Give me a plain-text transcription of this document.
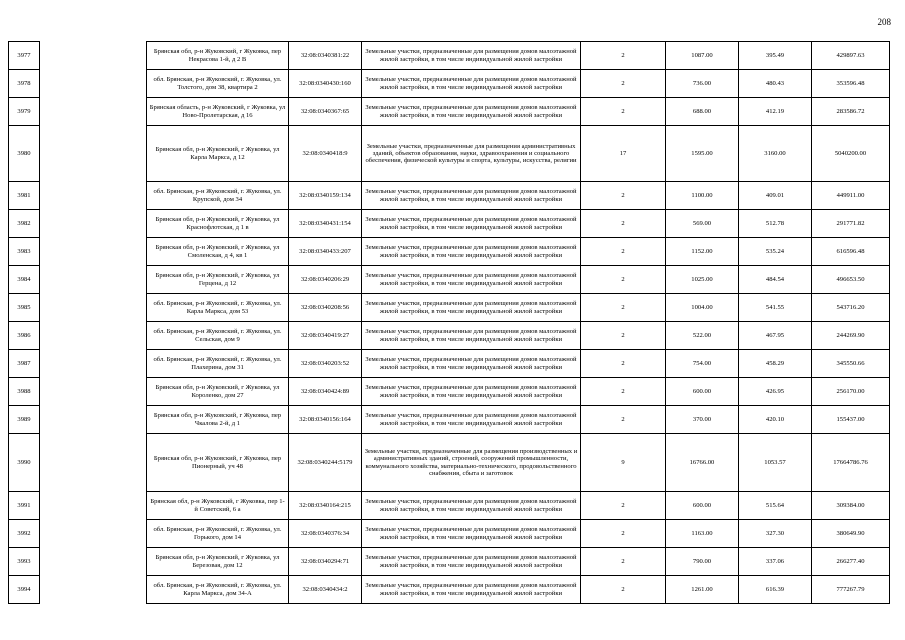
208
3977		Брянская обл, р-н Жуковский, г Жуковка, пер Некрасова 1-й, д 2 В	32:08:0340381:22	Земельные участки, предназначенные для размещения домов малоэтажной жилой застройки, в том числе индивидуальной жилой застройки	2	1087.00	395.49	429897.63
3978		обл. Брянская, р-н Жуковский, г. Жуковка, ул. Толстого, дом 38, квартира 2	32:08:0340430:160	Земельные участки, предназначенные для размещения домов малоэтажной жилой застройки, в том числе индивидуальной жилой застройки	2	736.00	480.43	353596.48
3979		Брянская область, р-н Жуковский, г Жуковка, ул Ново-Пролетарская, д 16	32:08:0340367:65	Земельные участки, предназначенные для размещения домов малоэтажной жилой застройки, в том числе индивидуальной жилой застройки	2	688.00	412.19	283586.72
3980		Брянская обл, р-н Жуковский, г Жуковка, ул Карла Маркса, д 12	32:08:0340418:9	Земельные участки, предназначенные для размещения административных зданий, объектов образования, науки, здравоохранения и социального обеспечения, физической культуры и спорта, культуры, искусства, религии	17	1595.00	3160.00	5040200.00
3981		обл. Брянская, р-н Жуковский, г. Жуковка, ул. Крупской, дом 34	32:08:0340159:134	Земельные участки, предназначенные для размещения домов малоэтажной жилой застройки, в том числе индивидуальной жилой застройки	2	1100.00	409.01	449911.00
3982		Брянская обл, р-н Жуковский, г Жуковка, ул Краснофлотская, д 1 в	32:08:0340431:154	Земельные участки, предназначенные для размещения домов малоэтажной жилой застройки, в том числе индивидуальной жилой застройки	2	569.00	512.78	291771.82
3983		Брянская обл, р-н Жуковский, г Жуковка, ул Смоленская, д 4, кв 1	32:08:0340433:207	Земельные участки, предназначенные для размещения домов малоэтажной жилой застройки, в том числе индивидуальной жилой застройки	2	1152.00	535.24	616596.48
3984		Брянская обл, р-н Жуковский, г Жуковка, ул Герцена, д 12	32:08:0340206:29	Земельные участки, предназначенные для размещения домов малоэтажной жилой застройки, в том числе индивидуальной жилой застройки	2	1025.00	484.54	496653.50
3985		обл. Брянская, р-н Жуковский, г. Жуковка, ул. Карла Маркса, дом 53	32:08:0340208:56	Земельные участки, предназначенные для размещения домов малоэтажной жилой застройки, в том числе индивидуальной жилой застройки	2	1004.00	541.55	543716.20
3986		обл. Брянская, р-н Жуковский, г. Жуковка, ул. Сельская, дом 9	32:08:0340419:27	Земельные участки, предназначенные для размещения домов малоэтажной жилой застройки, в том числе индивидуальной жилой застройки	2	522.00	467.95	244269.90
3987		обл. Брянская, р-н Жуковский, г. Жуковка, ул. Плахерина, дом 31	32:08:0340203:52	Земельные участки, предназначенные для размещения домов малоэтажной жилой застройки, в том числе индивидуальной жилой застройки	2	754.00	458.29	345550.66
3988		Брянская обл, р-н Жуковский, г Жуковка, ул Короленко, дом 27	32:08:0340424:89	Земельные участки, предназначенные для размещения домов малоэтажной жилой застройки, в том числе индивидуальной жилой застройки	2	600.00	426.95	256170.00
3989		Брянская обл, р-н Жуковский, г Жуковка, пер Чкалова 2-й, д 1	32:08:0340156:164	Земельные участки, предназначенные для размещения домов малоэтажной жилой застройки, в том числе индивидуальной жилой застройки	2	370.00	420.10	155437.00
3990		Брянская обл, р-н Жуковский, г Жуковка, пер Пионерный, уч 48	32:08:0340244:5179	Земельные участки, предназначенные для размещения производственных и административных зданий, строений, сооружений промышленности, коммунального хозяйства, материально-технического, продовольственного снабжения, сбыта и заготовок	9	16766.00	1053.57	17664786.76
3991		Брянская обл, р-н Жуковский, г Жуковка, пер 1-й Советский, 6 а	32:08:0340164:215	Земельные участки, предназначенные для размещения домов малоэтажной жилой застройки, в том числе индивидуальной жилой застройки	2	600.00	515.64	309384.00
3992		обл. Брянская, р-н Жуковский, г. Жуковка, ул. Горького, дом 14	32:08:0340376:34	Земельные участки, предназначенные для размещения домов малоэтажной жилой застройки, в том числе индивидуальной жилой застройки	2	1163.00	327.30	380649.90
3993		Брянская обл, р-н Жуковский, г Жуковка, ул Березовая, дом 12	32:08:0340294:71	Земельные участки, предназначенные для размещения домов малоэтажной жилой застройки, в том числе индивидуальной жилой застройки	2	790.00	337.06	266277.40
3994		обл. Брянская, р-н Жуковский, г. Жуковка, ул. Карла Маркса, дом 34-А	32:08:0340434:2	Земельные участки, предназначенные для размещения домов малоэтажной жилой застройки, в том числе индивидуальной жилой застройки	2	1261.00	616.39	777267.79
